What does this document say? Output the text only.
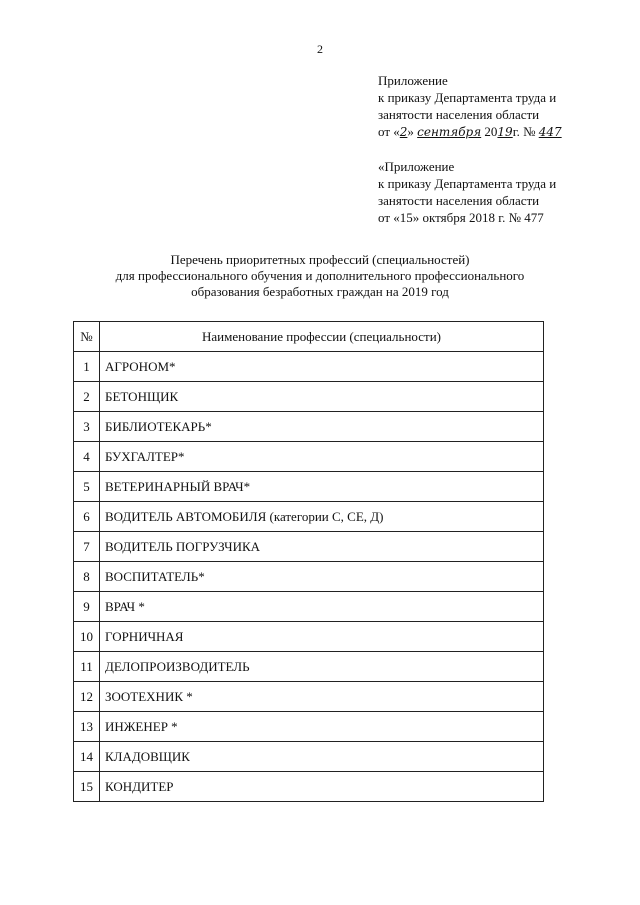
2
Приложение
к приказу Департамента труда и
занятости населения области
от «2» сентября 2019г. № 447
«Приложение
к приказу Департамента труда и
занятости населения области
от «15» октября 2018 г. № 477
Перечень приоритетных профессий (специальностей)
для профессионального обучения и дополнительного профессионального
образования безработных граждан на 2019 год
№	Наименование профессии (специальности)
1	АГРОНОМ*
2	БЕТОНЩИК
3	БИБЛИОТЕКАРЬ*
4	БУХГАЛТЕР*
5	ВЕТЕРИНАРНЫЙ ВРАЧ*
6	ВОДИТЕЛЬ АВТОМОБИЛЯ (категории С, СЕ, Д)
7	ВОДИТЕЛЬ ПОГРУЗЧИКА
8	ВОСПИТАТЕЛЬ*
9	ВРАЧ *
10	ГОРНИЧНАЯ
11	ДЕЛОПРОИЗВОДИТЕЛЬ
12	ЗООТЕХНИК *
13	ИНЖЕНЕР *
14	КЛАДОВЩИК
15	КОНДИТЕР
